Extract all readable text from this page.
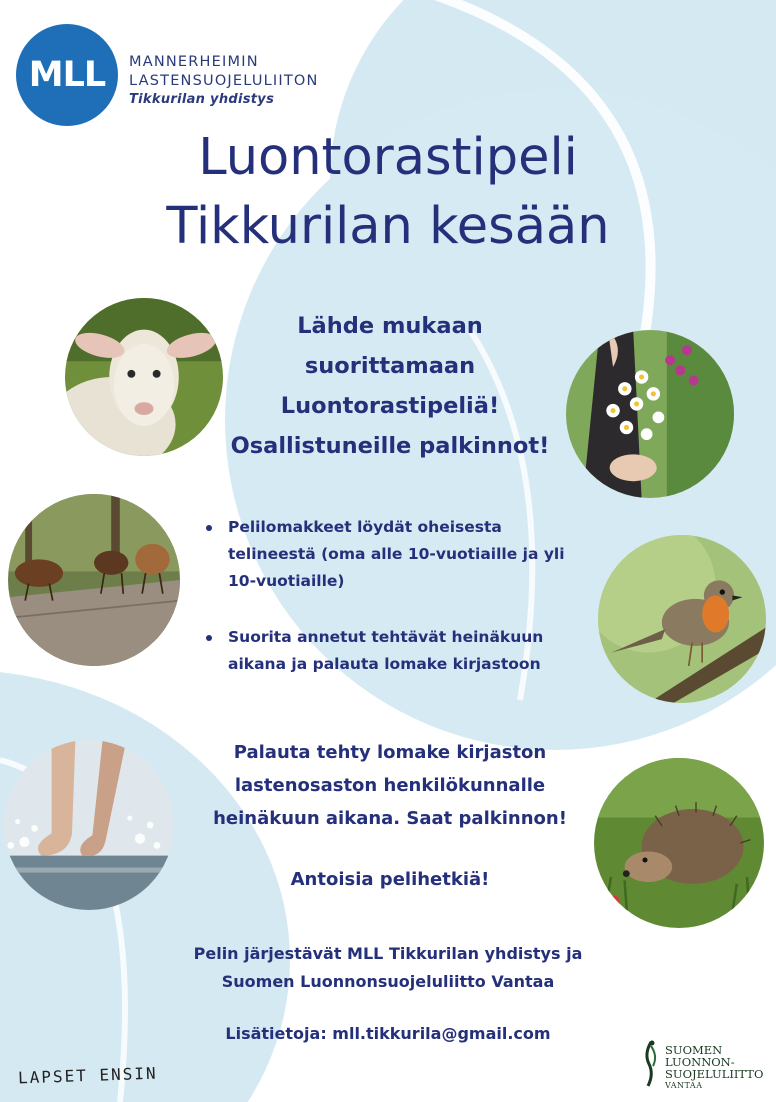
MLL MANNERHEIMIN
LASTENSUOJELULIITON
Tikkurilan yhdistys
Luontorastipeli
Tikkurilan kesään
Lähde mukaan
suorittamaan
Luontorastipeliä!
Osallistuneille palkinnot!
Pelilomakkeet löydät oheisesta telineestä (oma alle 10-vuotiaille ja yli 10-vuotiaille)
Suorita annetut tehtävät heinäkuun aikana ja palauta lomake kirjastoon
Palauta tehty lomake kirjaston
lastenosaston henkilökunnalle
heinäkuun aikana. Saat palkinnon!
Antoisia pelihetkiä!
Pelin järjestävät MLL Tikkurilan yhdistys ja
Suomen Luonnonsuojeluliitto Vantaa
Lisätietoja: mll.tikkurila@gmail.com
LAPSET ENSIN
SUOMEN
LUONNON-
SUOJELULIITTO
VANTAA
